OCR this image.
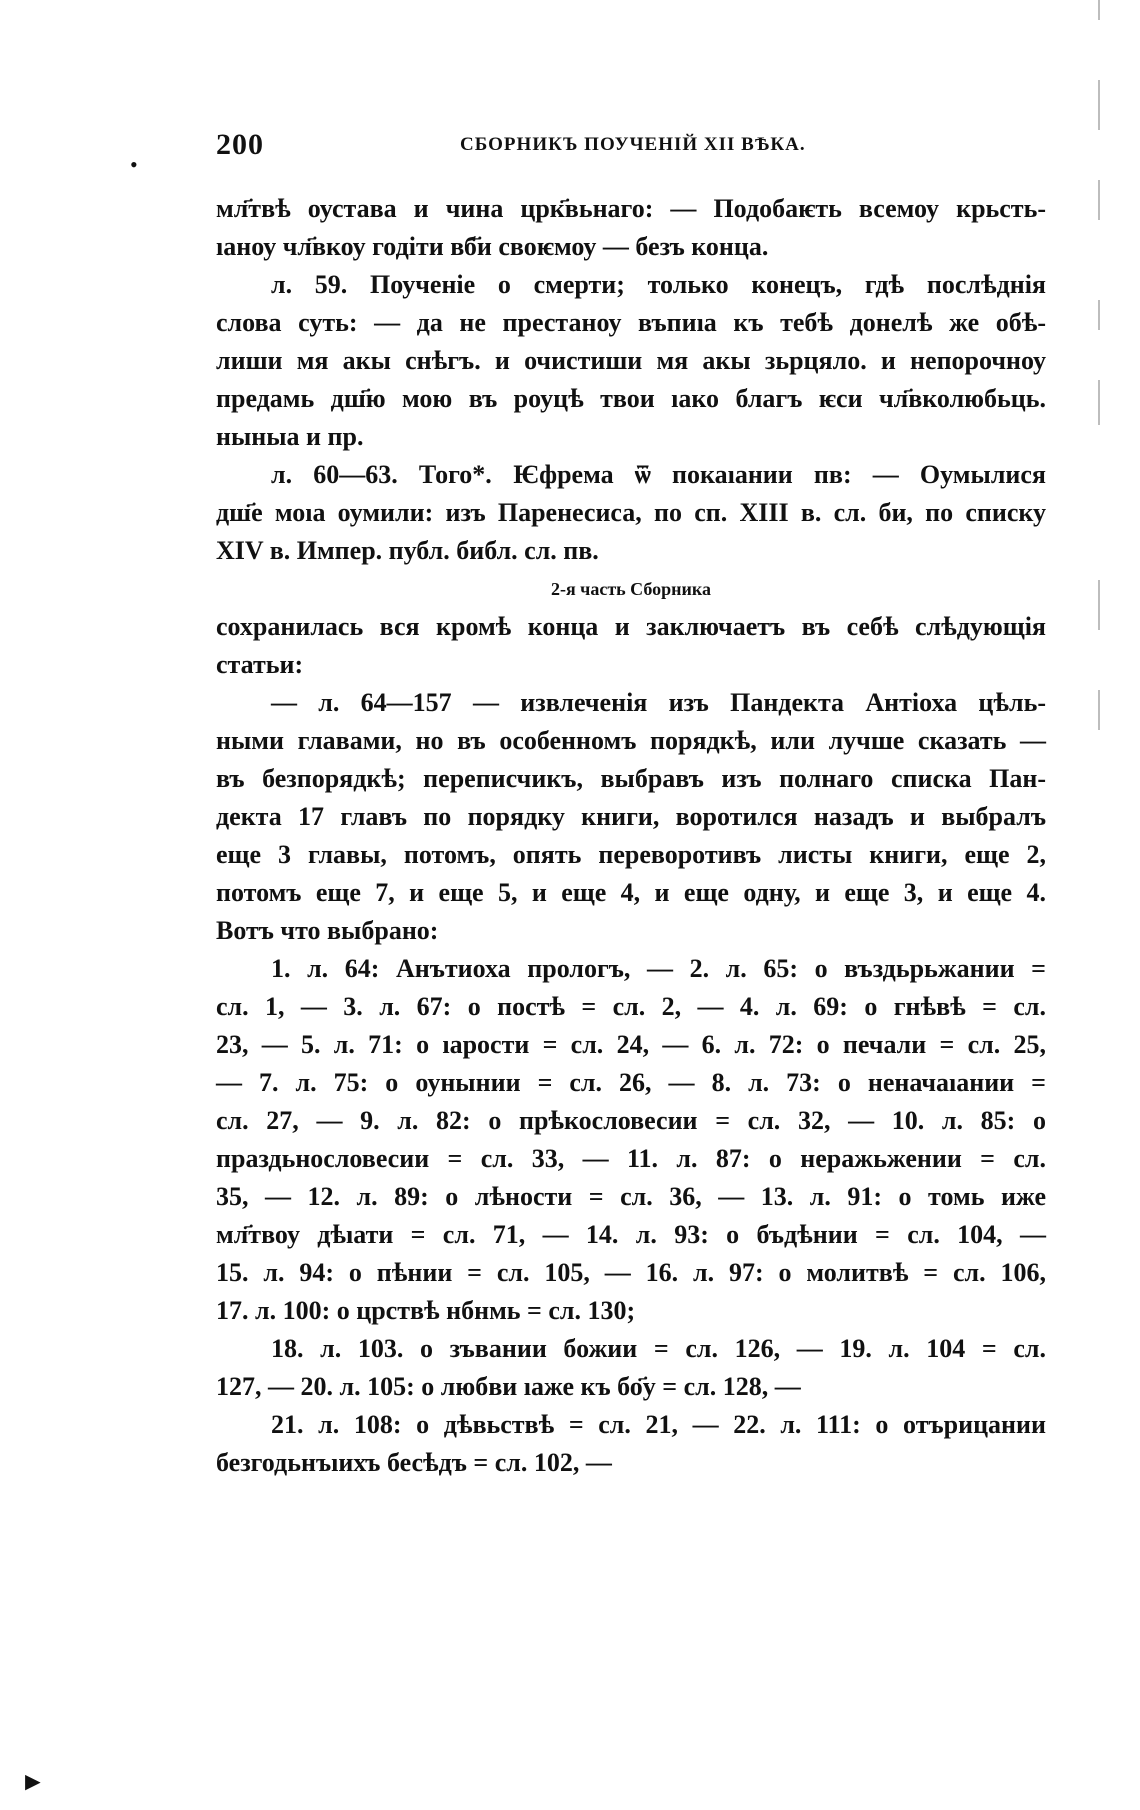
•
200	СБОРНИКЪ ПОУЧЕНІЙ XII ВѢКА.
мл҃твѣ оустава и чина црк҃вьнаго: — Подобаѥть всемоу крьсть-
ıаноу чл҃вкоу годіти вб҃и своѥмоу — безъ конца.
л. 59. Поученіе о смерти; только конецъ, гдѣ послѣднія
слова суть: — да не престаноу въпиıа къ тебѣ донелѣ же обѣ-
лиши мя акы снѣгъ. и очистиши мя акы зьрцяло. и непорочноу
предамь дш҃ю мою въ роуцѣ твои ıако благъ ѥси чл҃вколюбьць.
ныныа и пр.
л. 60—63. Того*. Ѥфрема ѿ покаıании пв: — Оумылися
дш҃е моıа оумили: изъ Паренесиса, по сп. XIII в. сл. би, по списку
XIV в. Импер. публ. библ. сл. пв.
2-я часть Сборника
сохранилась вся кромѣ конца и заключаетъ въ себѣ слѣдующія
статьи:
— л. 64—157 — извлеченія изъ Пандекта Антіоха цѣль-
ными главами, но въ особенномъ порядкѣ, или лучше сказать —
въ безпорядкѣ; переписчикъ, выбравъ изъ полнаго списка Пан-
декта 17 главъ по порядку книги, воротился назадъ и выбралъ
еще 3 главы, потомъ, опять переворотивъ листы книги, еще 2,
потомъ еще 7, и еще 5, и еще 4, и еще одну, и еще 3, и еще 4.
Вотъ что выбрано:
1. л. 64: Анътиоха прологъ, — 2. л. 65: о въздьрьжании =
сл. 1, — 3. л. 67: о постѣ = сл. 2, — 4. л. 69: о гнѣвѣ = сл.
23, — 5. л. 71: о ıарости = сл. 24, — 6. л. 72: о печали = сл. 25,
— 7. л. 75: о оунынии = сл. 26, — 8. л. 73: о неначаıании =
сл. 27, — 9. л. 82: о прѣкословесии = сл. 32, — 10. л. 85: о
праздьнословесии = сл. 33, — 11. л. 87: о неражьжении = сл.
35, — 12. л. 89: о лѣности = сл. 36, — 13. л. 91: о томь иже
мл҃твоу дѣıати = сл. 71, — 14. л. 93: о бъдѣнии = сл. 104, —
15. л. 94: о пѣнии = сл. 105, — 16. л. 97: о молитвѣ = сл. 106,
17. л. 100: о црствѣ нбнмь = сл. 130;
18. л. 103. о зъвании божии = сл. 126, — 19. л. 104 = сл.
127, — 20. л. 105: о любви ıаже къ бо҃у = сл. 128, —
21. л. 108: о дѣвьствѣ = сл. 21, — 22. л. 111: о отърицании
безгодьнъıихъ бесѣдъ = сл. 102, —
►
